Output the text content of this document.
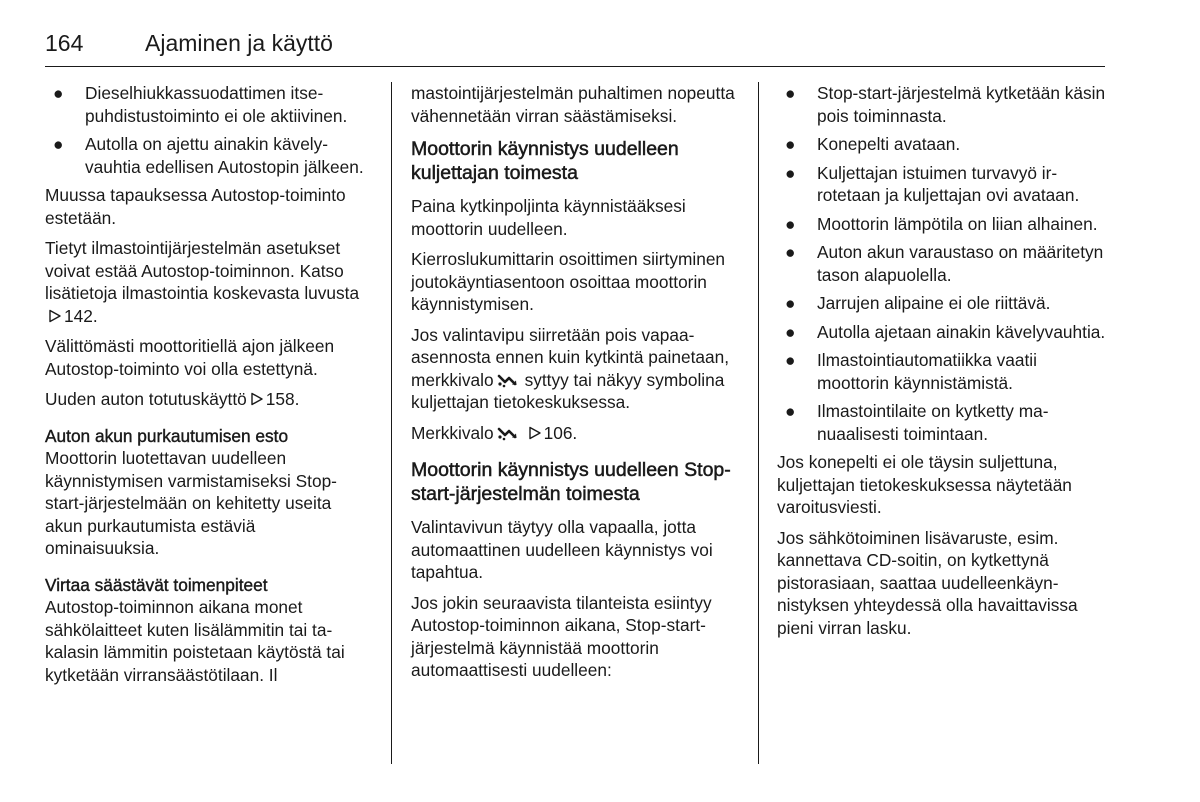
164	Ajaminen ja käyttö
● Dieselhiukkassuodattimen itsepuhdistustoiminto ei ole aktiivinen.
● Autolla on ajettu ainakin kävelyvauhtia edellisen Autostopin jälkeen.

Muussa tapauksessa Autostop-toiminto estetään.

Tietyt ilmastointijärjestelmän asetukset voivat estää Autostop-toiminnon. Katso lisätietoja ilmastointia koskevasta luvusta142.

Välittömästi moottoritiellä ajon jälkeen Autostop-toiminto voi olla estettynä.

Uuden auton totutuskäyttö 158.

Auton akun purkautumisen esto

Moottorin luotettavan uudelleen käynnistymisen varmistamiseksi Stop-start-järjestelmään on kehitetty useita akun purkautumista estäviä ominaisuuksia.

Virtaa säästävät toimenpiteet

Autostop-toiminnon aikana monet sähkölaitteet kuten lisälämmitin tai takalasin lämmitin poistetaan käytöstä tai kytketään virransäästötilaan. Il

mastointijärjestelmän puhaltimen nopeutta vähennetään virran säästämiseksi.

Moottorin käynnistys uudelleen kuljettajan toimesta

Paina kytkinpoljinta käynnistääksesi moottorin uudelleen.

Kierroslukumittarin osoittimen siirtyminen joutokäyntiasentoon osoittaa moottorin käynnistymisen.

Jos valintavipu siirretään pois vapaaasennosta ennen kuin kytkintä painetaan, merkkivalo syttyy tai näkyy symbolina kuljettajan tietokeskuksessa.

Merkkivalo	106.

Moottorin käynnistys uudelleen Stop-start-järjestelmän toimesta

Valintavivun täytyy olla vapaalla, jotta automaattinen uudelleen käynnistys voi tapahtua.

Jos jokin seuraavista tilanteista esiintyy Autostop-toiminnon aikana, Stop-start-järjestelmä käynnistää moottorin automaattisesti uudelleen:

● Stop-start-järjestelmä kytketään käsin pois toiminnasta.
● Konepelti avataan.
● Kuljettajan istuimen turvavyö irrotetaan ja kuljettajan ovi avataan.
● Moottorin lämpötila on liian alhainen.
● Auton akun varaustaso on määritetyn tason alapuolella.
● Jarrujen alipaine ei ole riittävä.
● Autolla ajetaan ainakin kävelyvauhtia.
● Ilmastointiautomatiikka vaatii moottorin käynnistämistä.
● Ilmastointilaite on kytketty manuaalisesti toimintaan.

Jos konepelti ei ole täysin suljettuna, kuljettajan tietokeskuksessa näytetään varoitusviesti.

Jos sähkötoiminen lisävaruste, esim. kannettava CD-soitin, on kytkettynä pistorasiaan, saattaa uudelleenkäynnistyksen yhteydessä olla havaittavissa pieni virran lasku.
